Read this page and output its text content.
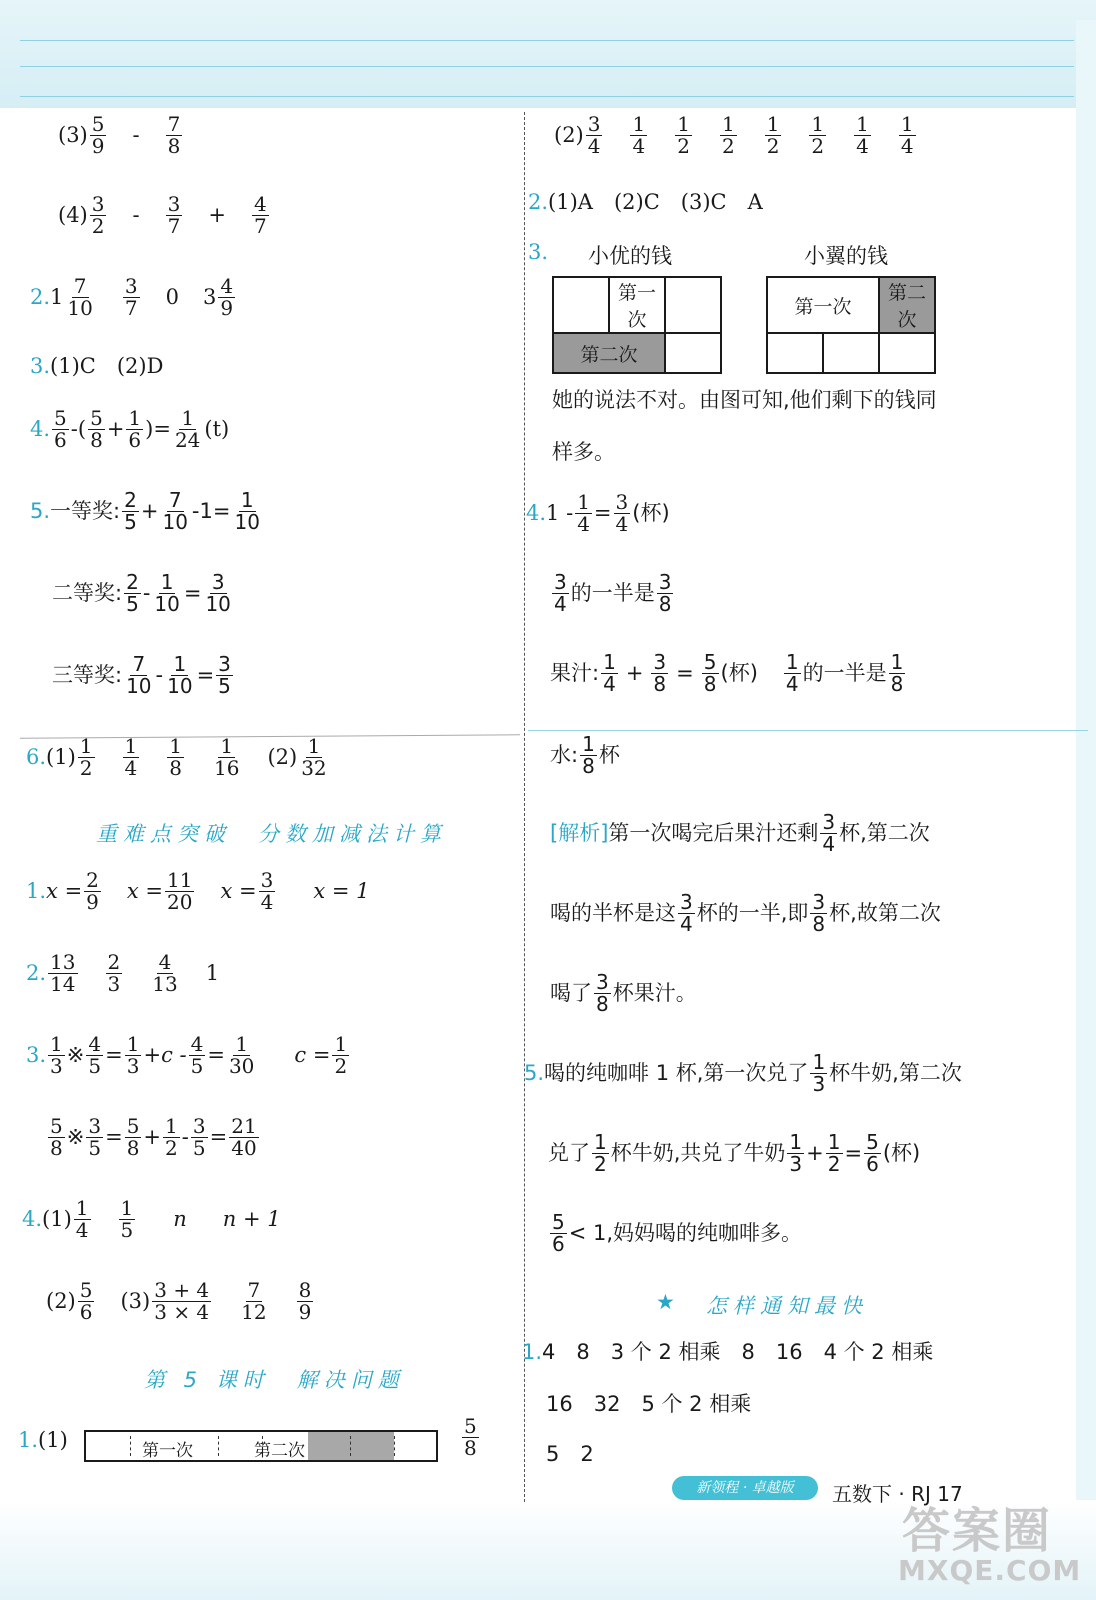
$(3) \frac{5}{9} - \frac{7}{8}$
$(4) \frac{3}{2} - \frac{3}{7} + \frac{4}{7}$
2. $1 \frac{7}{10} \frac{3}{7} 0$ $3 \frac{4}{9}$
3. (1)C　(2)D
4. $\frac{5}{6}$ -( $\frac{5}{8} + \frac{1}{6}$ )= $\frac{1}{24} (t)$
5. 一等奖: $\frac{2}{5} + \frac{7}{10} -1= \frac{1}{10}$
二等奖: $\frac{2}{5} - \frac{1}{10} = \frac{3}{10}$
三等奖: $\frac{7}{10} - \frac{1}{10} = \frac{3}{5}$
6. $(1) \frac{1}{2} \frac{1}{4} \frac{1}{8} \frac{1}{16} (2) \frac{1}{32}$
重难点突破　分数加减法计算
1. $x = \frac{2}{9}$ $x = \frac{11}{20}$ $x = \frac{3}{4}$ x = 1
2. $\frac{13}{14} \frac{2}{3} \frac{4}{13} 1$
3. $\frac{1}{3}$ ※ $\frac{4}{5} = \frac{1}{3} +c - \frac{4}{5} = \frac{1}{30}$ $c = \frac{1}{2}$
$\frac{5}{8}$ ※ $\frac{3}{5} = \frac{5}{8} + \frac{1}{2} - \frac{3}{5} = \frac{21}{40}$
4. $(1) \frac{1}{4} \frac{1}{5}$ n n + 1
$(2) \frac{5}{6} (3) \frac{3 + 4}{3 \times 4} \frac{7}{12} \frac{8}{9}$
第 5 课时　解决问题
1. (1)	第一次	第二次	$\frac{5}{8}$
$(2) \frac{3}{4} \frac{1}{4} \frac{1}{2} \frac{1}{2} \frac{1}{2} \frac{1}{2} \frac{1}{4} \frac{1}{4}$
2. (1)A　(2)C　(3)C　A
3. 小优的钱	小翼的钱
	第一次	
第二次		
第一次		第二次

她的说法不对。由图可知,他们剩下的钱同
样多。
4. $1 - \frac{1}{4} = \frac{3}{4}$ (杯)
$\frac{3}{4}$ 的一半是 $\frac{3}{8}$
果汁: $\frac{1}{4} + \frac{3}{8} = \frac{5}{8}$ (杯) $\frac{1}{4}$ 的一半是 $\frac{1}{8}$
水: $\frac{1}{8}$ 杯
[解析] 第一次喝完后果汁还剩 $\frac{3}{4}$ 杯,第二次
喝的半杯是这 $\frac{3}{4}$ 杯的一半,即 $\frac{3}{8}$ 杯,故第二次
喝了 $\frac{3}{8}$ 杯果汁。
5. 喝的纯咖啡 1 杯,第一次兑了 $\frac{1}{3}$ 杯牛奶,第二次
兑了 $\frac{1}{2}$ 杯牛奶,共兑了牛奶 $\frac{1}{3} + \frac{1}{2} = \frac{5}{6}$ (杯)
$\frac{5}{6} < 1$,妈妈喝的纯咖啡多。
★ 怎样通知最快
1. 4　8　3 个 2 相乘　8　16　4 个 2 相乘
16　32　5 个 2 相乘
5　2
新领程 · 卓越版	五数下 · RJ 17
答案圈
MXQE.COM
